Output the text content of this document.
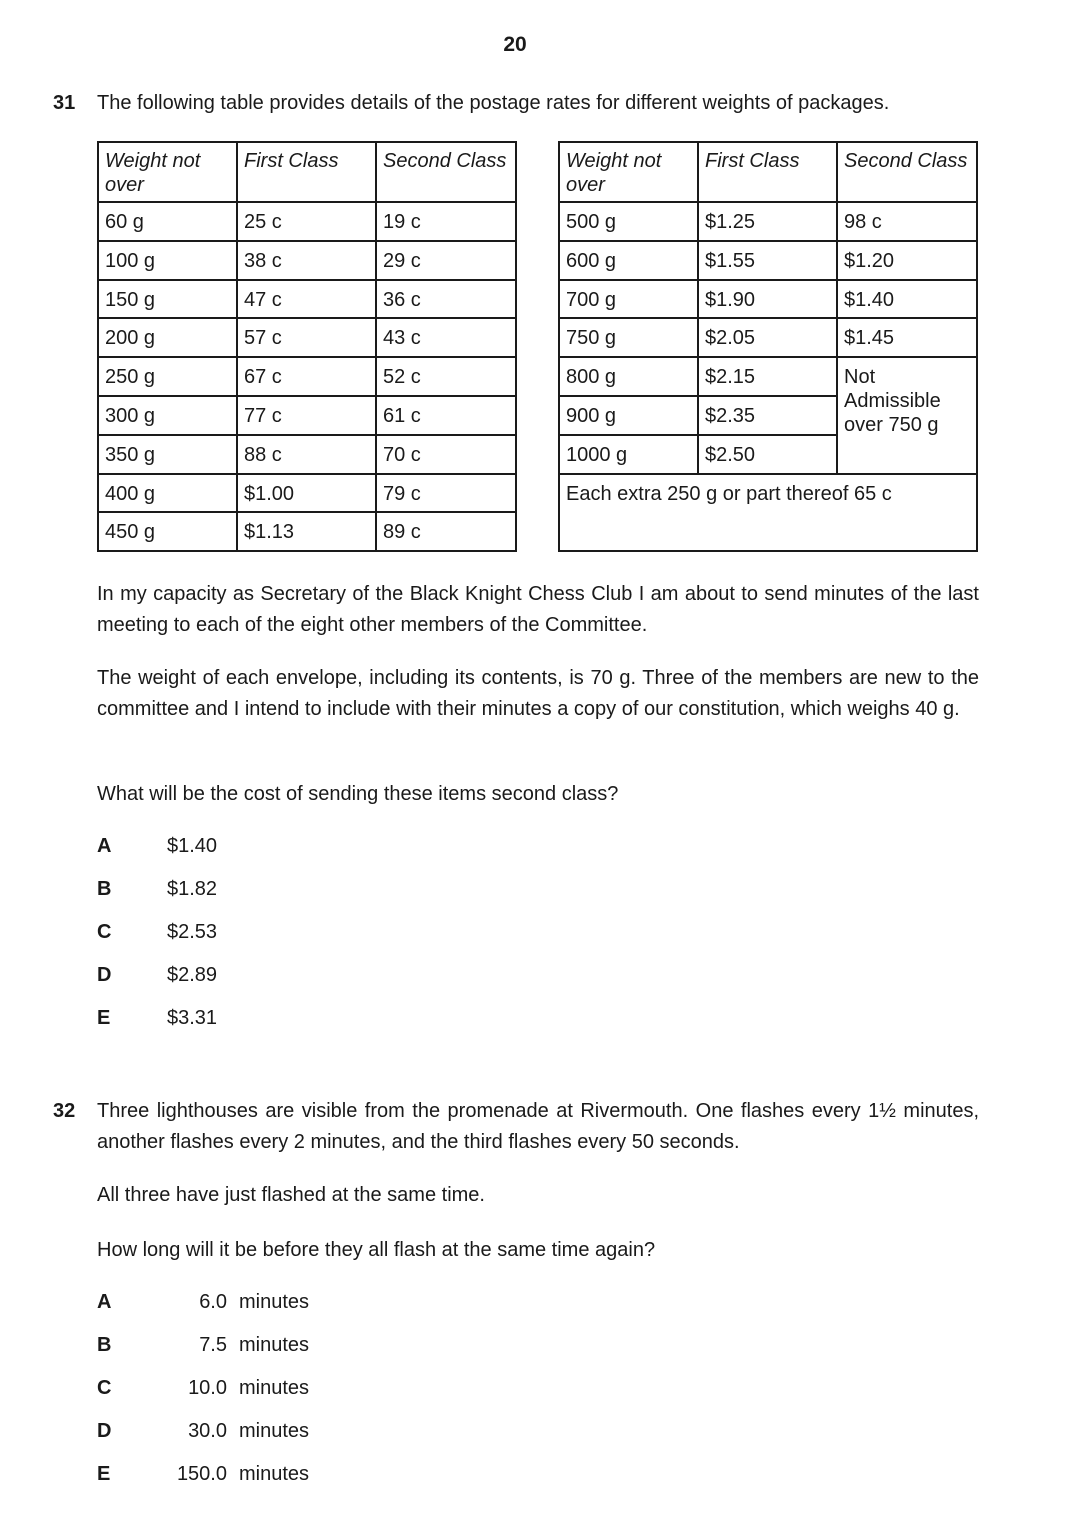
20
31 The following table provides details of the postage rates for different weights of packages.

Weight not over	First Class	Second Class
60 g	25 c	19 c
100 g	38 c	29 c
150 g	47 c	36 c
200 g	57 c	43 c
250 g	67 c	52 c
300 g	77 c	61 c
350 g	88 c	70 c
400 g	$1.00	79 c
450 g	$1.13	89 c
Weight not over	First Class	Second Class
500 g	$1.25	98 c
600 g	$1.55	$1.20
700 g	$1.90	$1.40
750 g	$2.05	$1.45
800 g	$2.15	Not Admissible over 750 g
900 g	$2.35	
1000 g	$2.50	
Each extra 250 g or part thereof 65 c		

In my capacity as Secretary of the Black Knight Chess Club I am about to send minutes of the last meeting to each of the eight other members of the Committee.

The weight of each envelope, including its contents, is 70 g. Three of the members are new to the committee and I intend to include with their minutes a copy of our constitution, which weighs 40 g.

What will be the cost of sending these items second class?

A	$1.40
B	$1.82
C	$2.53
D	$2.89
E	$3.31
32 Three lighthouses are visible from the promenade at Rivermouth. One flashes every 1½ minutes, another flashes every 2 minutes, and the third flashes every 50 seconds.

All three have just flashed at the same time.

How long will it be before they all flash at the same time again?

A	6.0 minutes
B	7.5 minutes
C	10.0 minutes
D	30.0 minutes
E	150.0 minutes
